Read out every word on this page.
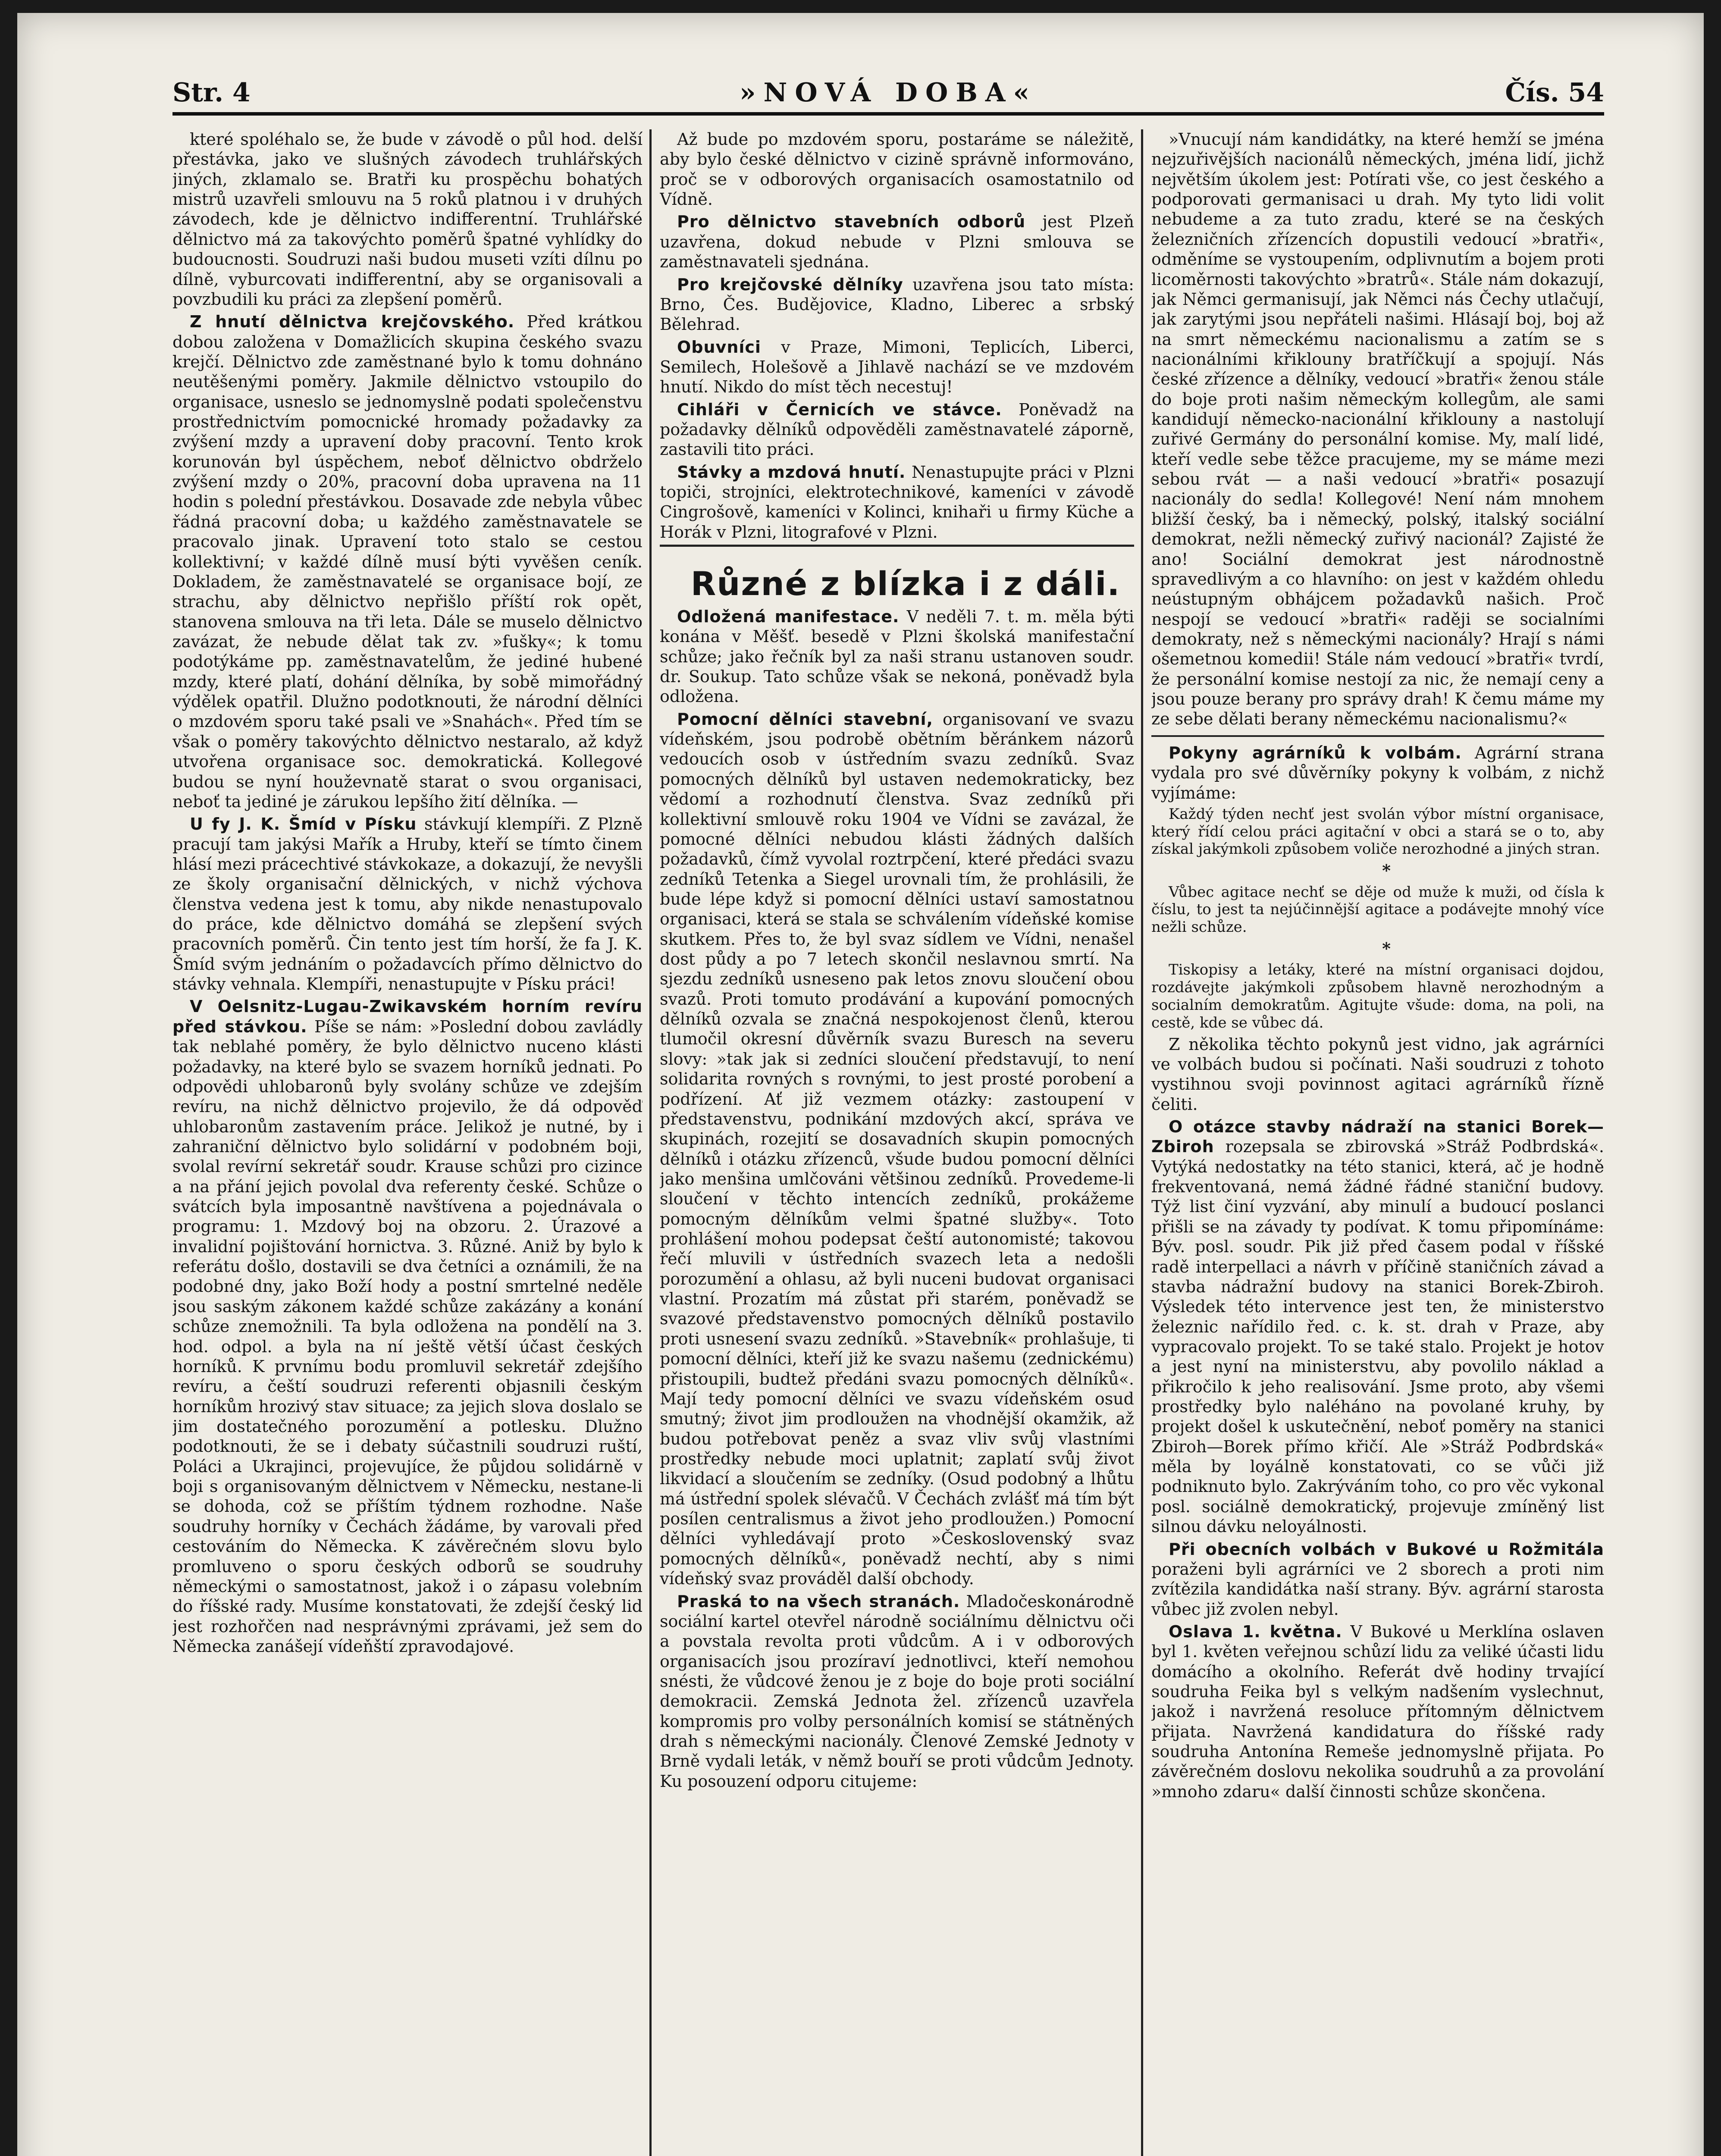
»NOVÁ DOBA«
Str. 4	Čís. 54

které spoléhalo se, že bude v závodě o půl hod. delší přestávka, jako ve slušných závodech truhlářských jiných, zklamalo se. Bratři ku prospěchu bohatých mistrů uzavřeli smlouvu na 5 roků platnou i v druhých závodech, kde je dělnictvo indifferentní. Truhlářské dělnictvo má za takovýchto poměrů špatné vyhlídky do budoucnosti. Soudruzi naši budou museti vzíti dílnu po dílně, vyburcovati indifferentní, aby se organisovali a povzbudili ku práci za zlepšení poměrů.

Z hnutí dělnictva krejčovského. Před krátkou dobou založena v Domažlicích skupina českého svazu krejčí. Dělnictvo zde zaměstnané bylo k tomu dohnáno neutěšenými poměry. Jakmile dělnictvo vstoupilo do organisace, usneslo se jednomyslně podati společenstvu prostřednictvím pomocnické hromady požadavky za zvýšení mzdy a upravení doby pracovní. Tento krok korunován byl úspěchem, neboť dělnictvo obdrželo zvýšení mzdy o 20%, pracovní doba upravena na 11 hodin s polední přestávkou. Dosavade zde nebyla vůbec řádná pracovní doba; u každého zaměstnavatele se pracovalo jinak. Upravení toto stalo se cestou kollektivní; v každé dílně musí býti vyvěšen ceník. Dokladem, že zaměstnavatelé se organisace bojí, ze strachu, aby dělnictvo nepřišlo příští rok opět, stanovena smlouva na tři leta. Dále se muselo dělnictvo zavázat, že nebude dělat tak zv. »fušky«; k tomu podotýkáme pp. zaměstnavatelům, že jediné hubené mzdy, které platí, dohání dělníka, by sobě mimořádný výdělek opatřil. Dlužno podotknouti, že národní dělníci o mzdovém sporu také psali ve »Snahách«. Před tím se však o poměry takovýchto dělnictvo nestaralo, až když utvořena organisace soc. demokratická. Kollegové budou se nyní houževnatě starat o svou organisaci, neboť ta jediné je zárukou lepšího žití dělníka. —

U fy J. K. Šmíd v Písku stávkují klempíři. Z Plzně pracují tam jakýsi Mařík a Hruby, kteří se tímto činem hlásí mezi prácechtivé stávkokaze, a dokazují, že nevyšli ze školy organisační dělnických, v nichž výchova členstva vedena jest k tomu, aby nikde nenastupovalo do práce, kde dělnictvo domáhá se zlepšení svých pracovních poměrů. Čin tento jest tím horší, že fa J. K. Šmíd svým jednáním o požadavcích přímo dělnictvo do stávky vehnala. Klempíři, nenastupujte v Písku práci!

V Oelsnitz-Lugau-Zwikavském horním revíru před stávkou. Píše se nám: »Poslední dobou zavládly tak neblahé poměry, že bylo dělnictvo nuceno klásti požadavky, na které bylo se svazem horníků jednati. Po odpovědi uhlobaronů byly svolány schůze ve zdejším revíru, na nichž dělnictvo projevilo, že dá odpověď uhlobaronům zastavením práce. Jelikož je nutné, by i zahraniční dělnictvo bylo solidární v podobném boji, svolal revírní sekretář soudr. Krause schůzi pro cizince a na přání jejich povolal dva referenty české. Schůze o svátcích byla imposantně navštívena a pojednávala o programu: 1. Mzdový boj na obzoru. 2. Úrazové a invalidní pojištování hornictva. 3. Různé. Aniž by bylo k referátu došlo, dostavili se dva četníci a oznámili, že na podobné dny, jako Boží hody a postní smrtelné neděle jsou saským zákonem každé schůze zakázány a konání schůze znemožnili. Ta byla odložena na pondělí na 3. hod. odpol. a byla na ní ještě větší účast českých horníků. K prvnímu bodu promluvil sekretář zdejšího revíru, a čeští soudruzi referenti objasnili českým horníkům hrozivý stav situace; za jejich slova doslalo se jim dostatečného porozumění a potlesku. Dlužno podotknouti, že se i debaty súčastnili soudruzi ruští, Poláci a Ukrajinci, projevujíce, že půjdou solidárně v boji s organisovaným dělnictvem v Německu, nestane-li se dohoda, což se příštím týdnem rozhodne. Naše soudruhy horníky v Čechách žádáme, by varovali před cestováním do Německa. K závěrečném slovu bylo promluveno o sporu českých odborů se soudruhy německými o samostatnost, jakož i o zápasu volebním do říšské rady. Musíme konstatovati, že zdejší český lid jest rozhořčen nad nesprávnými zprávami, jež sem do Německa zanášejí vídeňští zpravodajové.

Až bude po mzdovém sporu, postaráme se náležitě, aby bylo české dělnictvo v cizině správně informováno, proč se v odborových organisacích osamostatnilo od Vídně.

Pro dělnictvo stavebních odborů jest Plzeň uzavřena, dokud nebude v Plzni smlouva se zaměstnavateli sjednána.

Pro krejčovské dělníky uzavřena jsou tato místa: Brno, Čes. Budějovice, Kladno, Liberec a srbský Bělehrad.

Obuvníci v Praze, Mimoni, Teplicích, Liberci, Semilech, Holešově a Jihlavě nachází se ve mzdovém hnutí. Nikdo do míst těch necestuj!

Cihláři v Černicích ve stávce. Poněvadž na požadavky dělníků odpověděli zaměstnavatelé záporně, zastavili tito práci.

Stávky a mzdová hnutí. Nenastupujte práci v Plzni topiči, strojníci, elektrotechnikové, kameníci v závodě Cingrošově, kameníci v Kolinci, knihaři u firmy Küche a Horák v Plzni, litografové v Plzni.

Různé z blízka i z dáli.

Odložená manifestace. V neděli 7. t. m. měla býti konána v Měšť. besedě v Plzni školská manifestační schůze; jako řečník byl za naši stranu ustanoven soudr. dr. Soukup. Tato schůze však se nekoná, poněvadž byla odložena.

Pomocní dělníci stavební, organisovaní ve svazu vídeňském, jsou podrobě obětním běránkem názorů vedoucích osob v ústředním svazu zedníků. Svaz pomocných dělníků byl ustaven nedemokraticky, bez vědomí a rozhodnutí členstva. Svaz zedníků při kollektivní smlouvě roku 1904 ve Vídni se zavázal, že pomocné dělníci nebudou klásti žádných dalších požadavků, čímž vyvolal roztrpčení, které předáci svazu zedníků Tetenka a Siegel urovnali tím, že prohlásili, že bude lépe když si pomocní dělníci ustaví samostatnou organisaci, která se stala se schválením vídeňské komise skutkem. Přes to, že byl svaz sídlem ve Vídni, nenašel dost půdy a po 7 letech skončil neslavnou smrtí. Na sjezdu zedníků usneseno pak letos znovu sloučení obou svazů. Proti tomuto prodávání a kupování pomocných dělníků ozvala se značná nespokojenost členů, kterou tlumočil okresní důvěrník svazu Buresch na severu slovy: »tak jak si zedníci sloučení představují, to není solidarita rovných s rovnými, to jest prosté porobení a podřízení. Ať již vezmem otázky: zastoupení v představenstvu, podnikání mzdových akcí, správa ve skupinách, rozejití se dosavadních skupin pomocných dělníků i otázku zřízenců, všude budou pomocní dělníci jako menšina umlčováni většinou zedníků. Provedeme-li sloučení v těchto intencích zedníků, prokážeme pomocným dělníkům velmi špatné služby«. Toto prohlášení mohou podepsat čeští autonomisté; takovou řečí mluvili v ústředních svazech leta a nedošli porozumění a ohlasu, až byli nuceni budovat organisaci vlastní. Prozatím má zůstat při starém, poněvadž se svazové představenstvo pomocných dělníků postavilo proti usnesení svazu zedníků. »Stavebník« prohlašuje, ti pomocní dělníci, kteří již ke svazu našemu (zednickému) přistoupili, budtež předáni svazu pomocných dělníků«. Mají tedy pomocní dělníci ve svazu vídeňském osud smutný; život jim prodloužen na vhodnější okamžik, až budou potřebovat peněz a svaz vliv svůj vlastními prostředky nebude moci uplatnit; zaplatí svůj život likvidací a sloučením se zedníky. (Osud podobný a lhůtu má ústřední spolek slévačů. V Čechách zvlášť má tím být posílen centralismus a život jeho prodloužen.) Pomocní dělníci vyhledávají proto »Československý svaz pomocných dělníků«, poněvadž nechtí, aby s nimi vídeňský svaz prováděl další obchody.

Praská to na všech stranách. Mladočeskonárodně sociální kartel otevřel národně sociálnímu dělnictvu oči a povstala revolta proti vůdcům. A i v odborových organisacích jsou prozíraví jednotlivci, kteří nemohou snésti, že vůdcové ženou je z boje do boje proti sociální demokracii. Zemská Jednota žel. zřízenců uzavřela kompromis pro volby personálních komisí se státněných drah s německými nacionály. Členové Zemské Jednoty v Brně vydali leták, v němž bouří se proti vůdcům Jednoty. Ku posouzení odporu citujeme:

»Vnucují nám kandidátky, na které hemží se jména nejzuřivějších nacionálů německých, jména lidí, jichž největším úkolem jest: Potírati vše, co jest českého a podporovati germanisaci u drah. My tyto lidi volit nebudeme a za tuto zradu, které se na českých železničních zřízencích dopustili vedoucí »bratři«, odměníme se vystoupením, odplivnutím a bojem proti licoměrnosti takovýchto »bratrů«. Stále nám dokazují, jak Němci germanisují, jak Němci nás Čechy utlačují, jak zarytými jsou nepřáteli našimi. Hlásají boj, boj až na smrt německému nacionalismu a zatím se s nacionálními křiklouny bratříčkují a spojují. Nás české zřízence a dělníky, vedoucí »bratři« ženou stále do boje proti našim německým kollegům, ale sami kandidují německo-nacionální křiklouny a nastolují zuřivé Germány do personální komise. My, malí lidé, kteří vedle sebe těžce pracujeme, my se máme mezi sebou rvát — a naši vedoucí »bratři« posazují nacionály do sedla! Kollegové! Není nám mnohem bližší český, ba i německý, polský, italský sociální demokrat, nežli německý zuřivý nacionál? Zajisté že ano! Sociální demokrat jest národnostně spravedlivým a co hlavního: on jest v každém ohledu neústupným obhájcem požadavků našich. Proč nespojí se vedoucí »bratři« raději se socialními demokraty, než s německými nacionály? Hrají s námi ošemetnou komedii! Stále nám vedoucí »bratři« tvrdí, že personální komise nestojí za nic, že nemají ceny a jsou pouze berany pro správy drah! K čemu máme my ze sebe dělati berany německému nacionalismu?«

Pokyny agrárníků k volbám. Agrární strana vydala pro své důvěrníky pokyny k volbám, z nichž vyjímáme:

Každý týden nechť jest svolán výbor místní organisace, který řídí celou práci agitační v obci a stará se o to, aby získal jakýmkoli způsobem voliče nerozhodné a jiných stran.

*

Vůbec agitace nechť se děje od muže k muži, od čísla k číslu, to jest ta nejúčinnější agitace a podávejte mnohý více nežli schůze.

*

Tiskopisy a letáky, které na místní organisaci dojdou, rozdávejte jakýmkoli způsobem hlavně nerozhodným a socialním demokratům. Agitujte všude: doma, na poli, na cestě, kde se vůbec dá.

Z několika těchto pokynů jest vidno, jak agrárníci ve volbách budou si počínati. Naši soudruzi z tohoto vystihnou svoji povinnost agitaci agrárníků řízně čeliti.

O otázce stavby nádraží na stanici Borek—Zbiroh rozepsala se zbirovská »Stráž Podbrdská«. Vytýká nedostatky na této stanici, která, ač je hodně frekventovaná, nemá žádné řádné staniční budovy. Týž list činí vyzvání, aby minulí a budoucí poslanci přišli se na závady ty podívat. K tomu připomínáme: Býv. posl. soudr. Pik již před časem podal v říšské radě interpellaci a návrh v příčině staničních závad a stavba nádražní budovy na stanici Borek-Zbiroh. Výsledek této intervence jest ten, že ministerstvo železnic nařídilo řed. c. k. st. drah v Praze, aby vypracovalo projekt. To se také stalo. Projekt je hotov a jest nyní na ministerstvu, aby povolilo náklad a přikročilo k jeho realisování. Jsme proto, aby všemi prostředky bylo naléháno na povolané kruhy, by projekt došel k uskutečnění, neboť poměry na stanici Zbiroh—Borek přímo křičí. Ale »Stráž Podbrdská« měla by loyálně konstatovati, co se vůči již podniknuto bylo. Zakrýváním toho, co pro věc vykonal posl. sociálně demokratický, projevuje zmíněný list silnou dávku neloyálnosti.

Při obecních volbách v Bukové u Rožmitála poraženi byli agrárníci ve 2 sborech a proti nim zvítězila kandidátka naší strany. Býv. agrární starosta vůbec již zvolen nebyl.

Oslava 1. května. V Bukové u Merklína oslaven byl 1. květen veřejnou schůzí lidu za veliké účasti lidu domácího a okolního. Referát dvě hodiny trvající soudruha Feika byl s velkým nadšením vyslechnut, jakož i navržená resoluce přítomným dělnictvem přijata. Navržená kandidatura do říšské rady soudruha Antonína Remeše jednomyslně přijata. Po závěrečném doslovu nekolika soudruhů a za provolání »mnoho zdaru« další činnosti schůze skončena.
